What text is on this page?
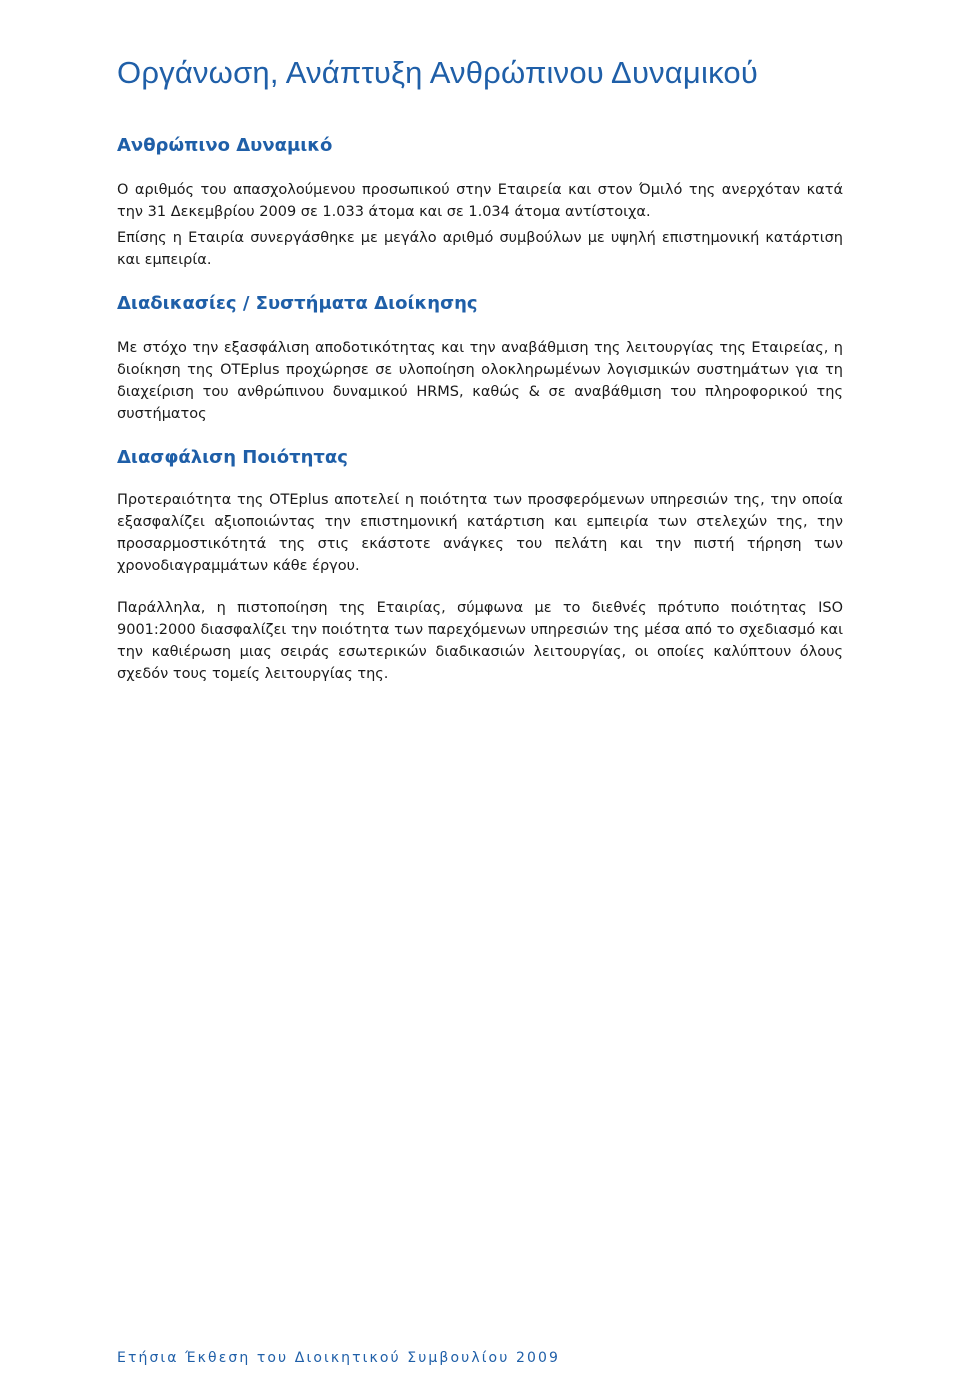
Οργάνωση, Ανάπτυξη Ανθρώπινου Δυναμικού
Ανθρώπινο Δυναμικό

Ο αριθμός του απασχολούμενου προσωπικού στην Εταιρεία και στον Όμιλό της ανερχόταν κατά την 31 Δεκεμβρίου 2009 σε 1.033 άτομα και σε 1.034 άτομα αντίστοιχα.

Επίσης η Εταιρία συνεργάσθηκε με μεγάλο αριθμό συμβούλων με υψηλή επιστημονική κατάρτιση και εμπειρία.

Διαδικασίες / Συστήματα Διοίκησης

Με στόχο την εξασφάλιση αποδοτικότητας και την αναβάθμιση της λειτουργίας της Εταιρείας, η διοίκηση της OTEplus προχώρησε σε υλοποίηση ολοκληρωμένων λογισμικών συστημάτων για τη διαχείριση του ανθρώπινου δυναμικού HRMS, καθώς & σε αναβάθμιση του πληροφορικού της συστήματος

Διασφάλιση Ποιότητας

Προτεραιότητα της OTEplus αποτελεί η ποιότητα των προσφερόμενων υπηρεσιών της, την οποία εξασφαλίζει αξιοποιώντας την επιστημονική κατάρτιση και εμπειρία των στελεχών της, την προσαρμοστικότητά της στις εκάστοτε ανάγκες του πελάτη και την πιστή τήρηση των χρονοδιαγραμμάτων κάθε έργου.

Παράλληλα, η πιστοποίηση της Εταιρίας, σύμφωνα με το διεθνές πρότυπο ποιότητας ISO 9001:2000 διασφαλίζει την ποιότητα των παρεχόμενων υπηρεσιών της μέσα από το σχεδιασμό και την καθιέρωση μιας σειράς εσωτερικών διαδικασιών λειτουργίας, οι οποίες καλύπτουν όλους σχεδόν τους τομείς λειτουργίας της.

Ετήσια Έκθεση του Διοικητικού Συμβουλίου 2009
